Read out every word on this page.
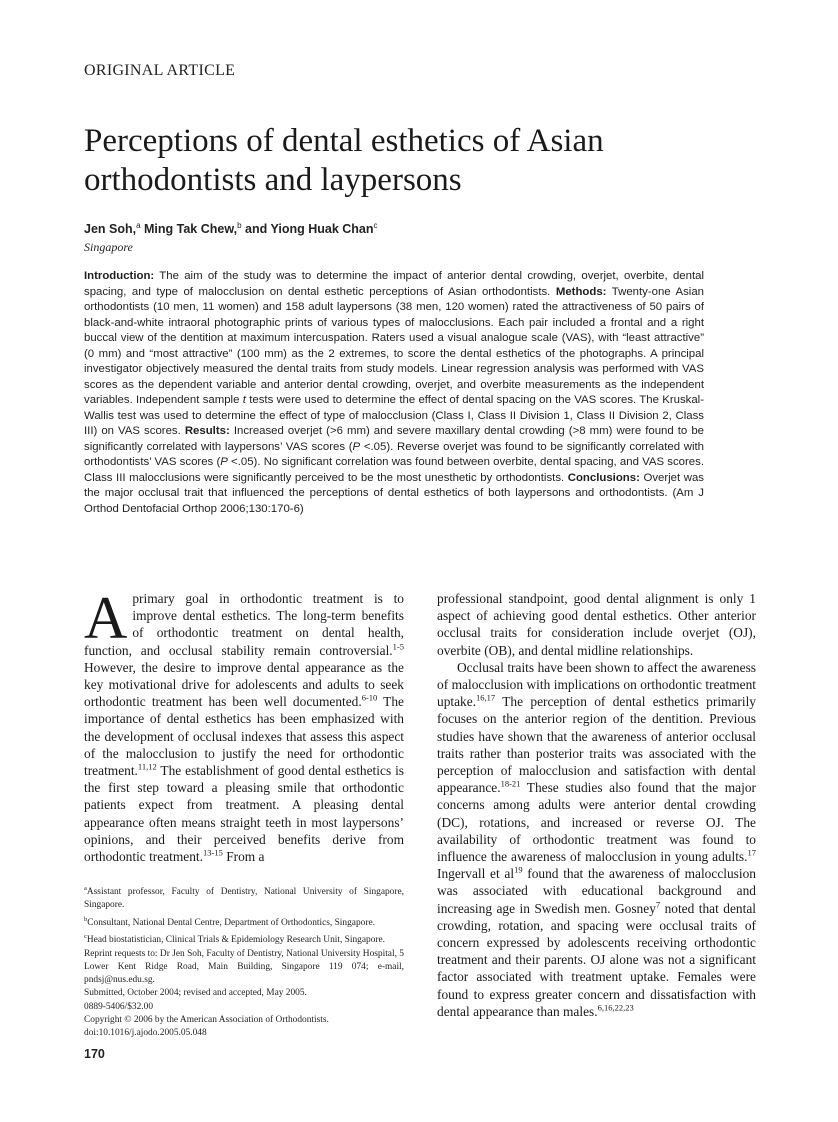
ORIGINAL ARTICLE
Perceptions of dental esthetics of Asian orthodontists and laypersons
Jen Soh,$^a$ Ming Tak Chew,$^b$ and Yiong Huak Chan$^c$
Singapore

Introduction: The aim of the study was to determine the impact of anterior dental crowding, overjet, overbite, dental spacing, and type of malocclusion on dental esthetic perceptions of Asian orthodontists. Methods: Twenty-one Asian orthodontists (10 men, 11 women) and 158 adult laypersons (38 men, 120 women) rated the attractiveness of 50 pairs of black-and-white intraoral photographic prints of various types of malocclusions. Each pair included a frontal and a right buccal view of the dentition at maximum intercuspation. Raters used a visual analogue scale (VAS), with “least attractive” (0 mm) and “most attractive” (100 mm) as the 2 extremes, to score the dental esthetics of the photographs. A principal investigator objectively measured the dental traits from study models. Linear regression analysis was performed with VAS scores as the dependent variable and anterior dental crowding, overjet, and overbite measurements as the independent variables. Independent sample t tests were used to determine the effect of dental spacing on the VAS scores. The Kruskal-Wallis test was used to determine the effect of type of malocclusion (Class I, Class II Division 1, Class II Division 2, Class III) on VAS scores. Results: Increased overjet (>6 mm) and severe maxillary dental crowding (>8 mm) were found to be significantly correlated with laypersons’ VAS scores (P <.05). Reverse overjet was found to be significantly correlated with orthodontists’ VAS scores (P <.05). No significant correlation was found between overbite, dental spacing, and VAS scores. Class III malocclusions were significantly perceived to be the most unesthetic by orthodontists. Conclusions: Overjet was the major occlusal trait that influenced the perceptions of dental esthetics of both laypersons and orthodontists. (Am J Orthod Dentofacial Orthop 2006;130:170-6)

Aprimary goal in orthodontic treatment is to improve dental esthetics. The long-term benefits of orthodontic treatment on dental health, function, and occlusal stability remain controversial.$^{1-5}$ However, the desire to improve dental appearance as the key motivational drive for adolescents and adults to seek orthodontic treatment has been well documented.$^{6-10}$ The importance of dental esthetics has been emphasized with the development of occlusal indexes that assess this aspect of the malocclusion to justify the need for orthodontic treatment.$^{11,12}$ The establishment of good dental esthetics is the first step toward a pleasing smile that orthodontic patients expect from treatment. A pleasing dental appearance often means straight teeth in most laypersons’ opinions, and their perceived benefits derive from orthodontic treatment.$^{13-15}$ From a

professional standpoint, good dental alignment is only 1 aspect of achieving good dental esthetics. Other anterior occlusal traits for consideration include overjet (OJ), overbite (OB), and dental midline relationships.

Occlusal traits have been shown to affect the awareness of malocclusion with implications on orthodontic treatment uptake.$^{16,17}$ The perception of dental esthetics primarily focuses on the anterior region of the dentition. Previous studies have shown that the awareness of anterior occlusal traits rather than posterior traits was associated with the perception of malocclusion and satisfaction with dental appearance.$^{18-21}$ These studies also found that the major concerns among adults were anterior dental crowding (DC), rotations, and increased or reverse OJ. The availability of orthodontic treatment was found to influence the awareness of malocclusion in young adults.$^{17}$ Ingervall et al$^{19}$ found that the awareness of malocclusion was associated with educational background and increasing age in Swedish men. Gosney$^7$ noted that dental crowding, rotation, and spacing were occlusal traits of concern expressed by adolescents receiving orthodontic treatment and their parents. OJ alone was not a significant factor associated with treatment uptake. Females were found to express greater concern and dissatisfaction with dental appearance than males.$^{6,16,22,23}$

$^a$Assistant professor, Faculty of Dentistry, National University of Singapore, Singapore.
$^b$Consultant, National Dental Centre, Department of Orthodontics, Singapore.
$^c$Head biostatistician, Clinical Trials & Epidemiology Research Unit, Singapore.
Reprint requests to: Dr Jen Soh, Faculty of Dentistry, National University Hospital, 5 Lower Kent Ridge Road, Main Building, Singapore 119 074; e-mail, pndsj@nus.edu.sg.
Submitted, October 2004; revised and accepted, May 2005.
0889-5406/$32.00
Copyright © 2006 by the American Association of Orthodontists.
doi:10.1016/j.ajodo.2005.05.048
170
